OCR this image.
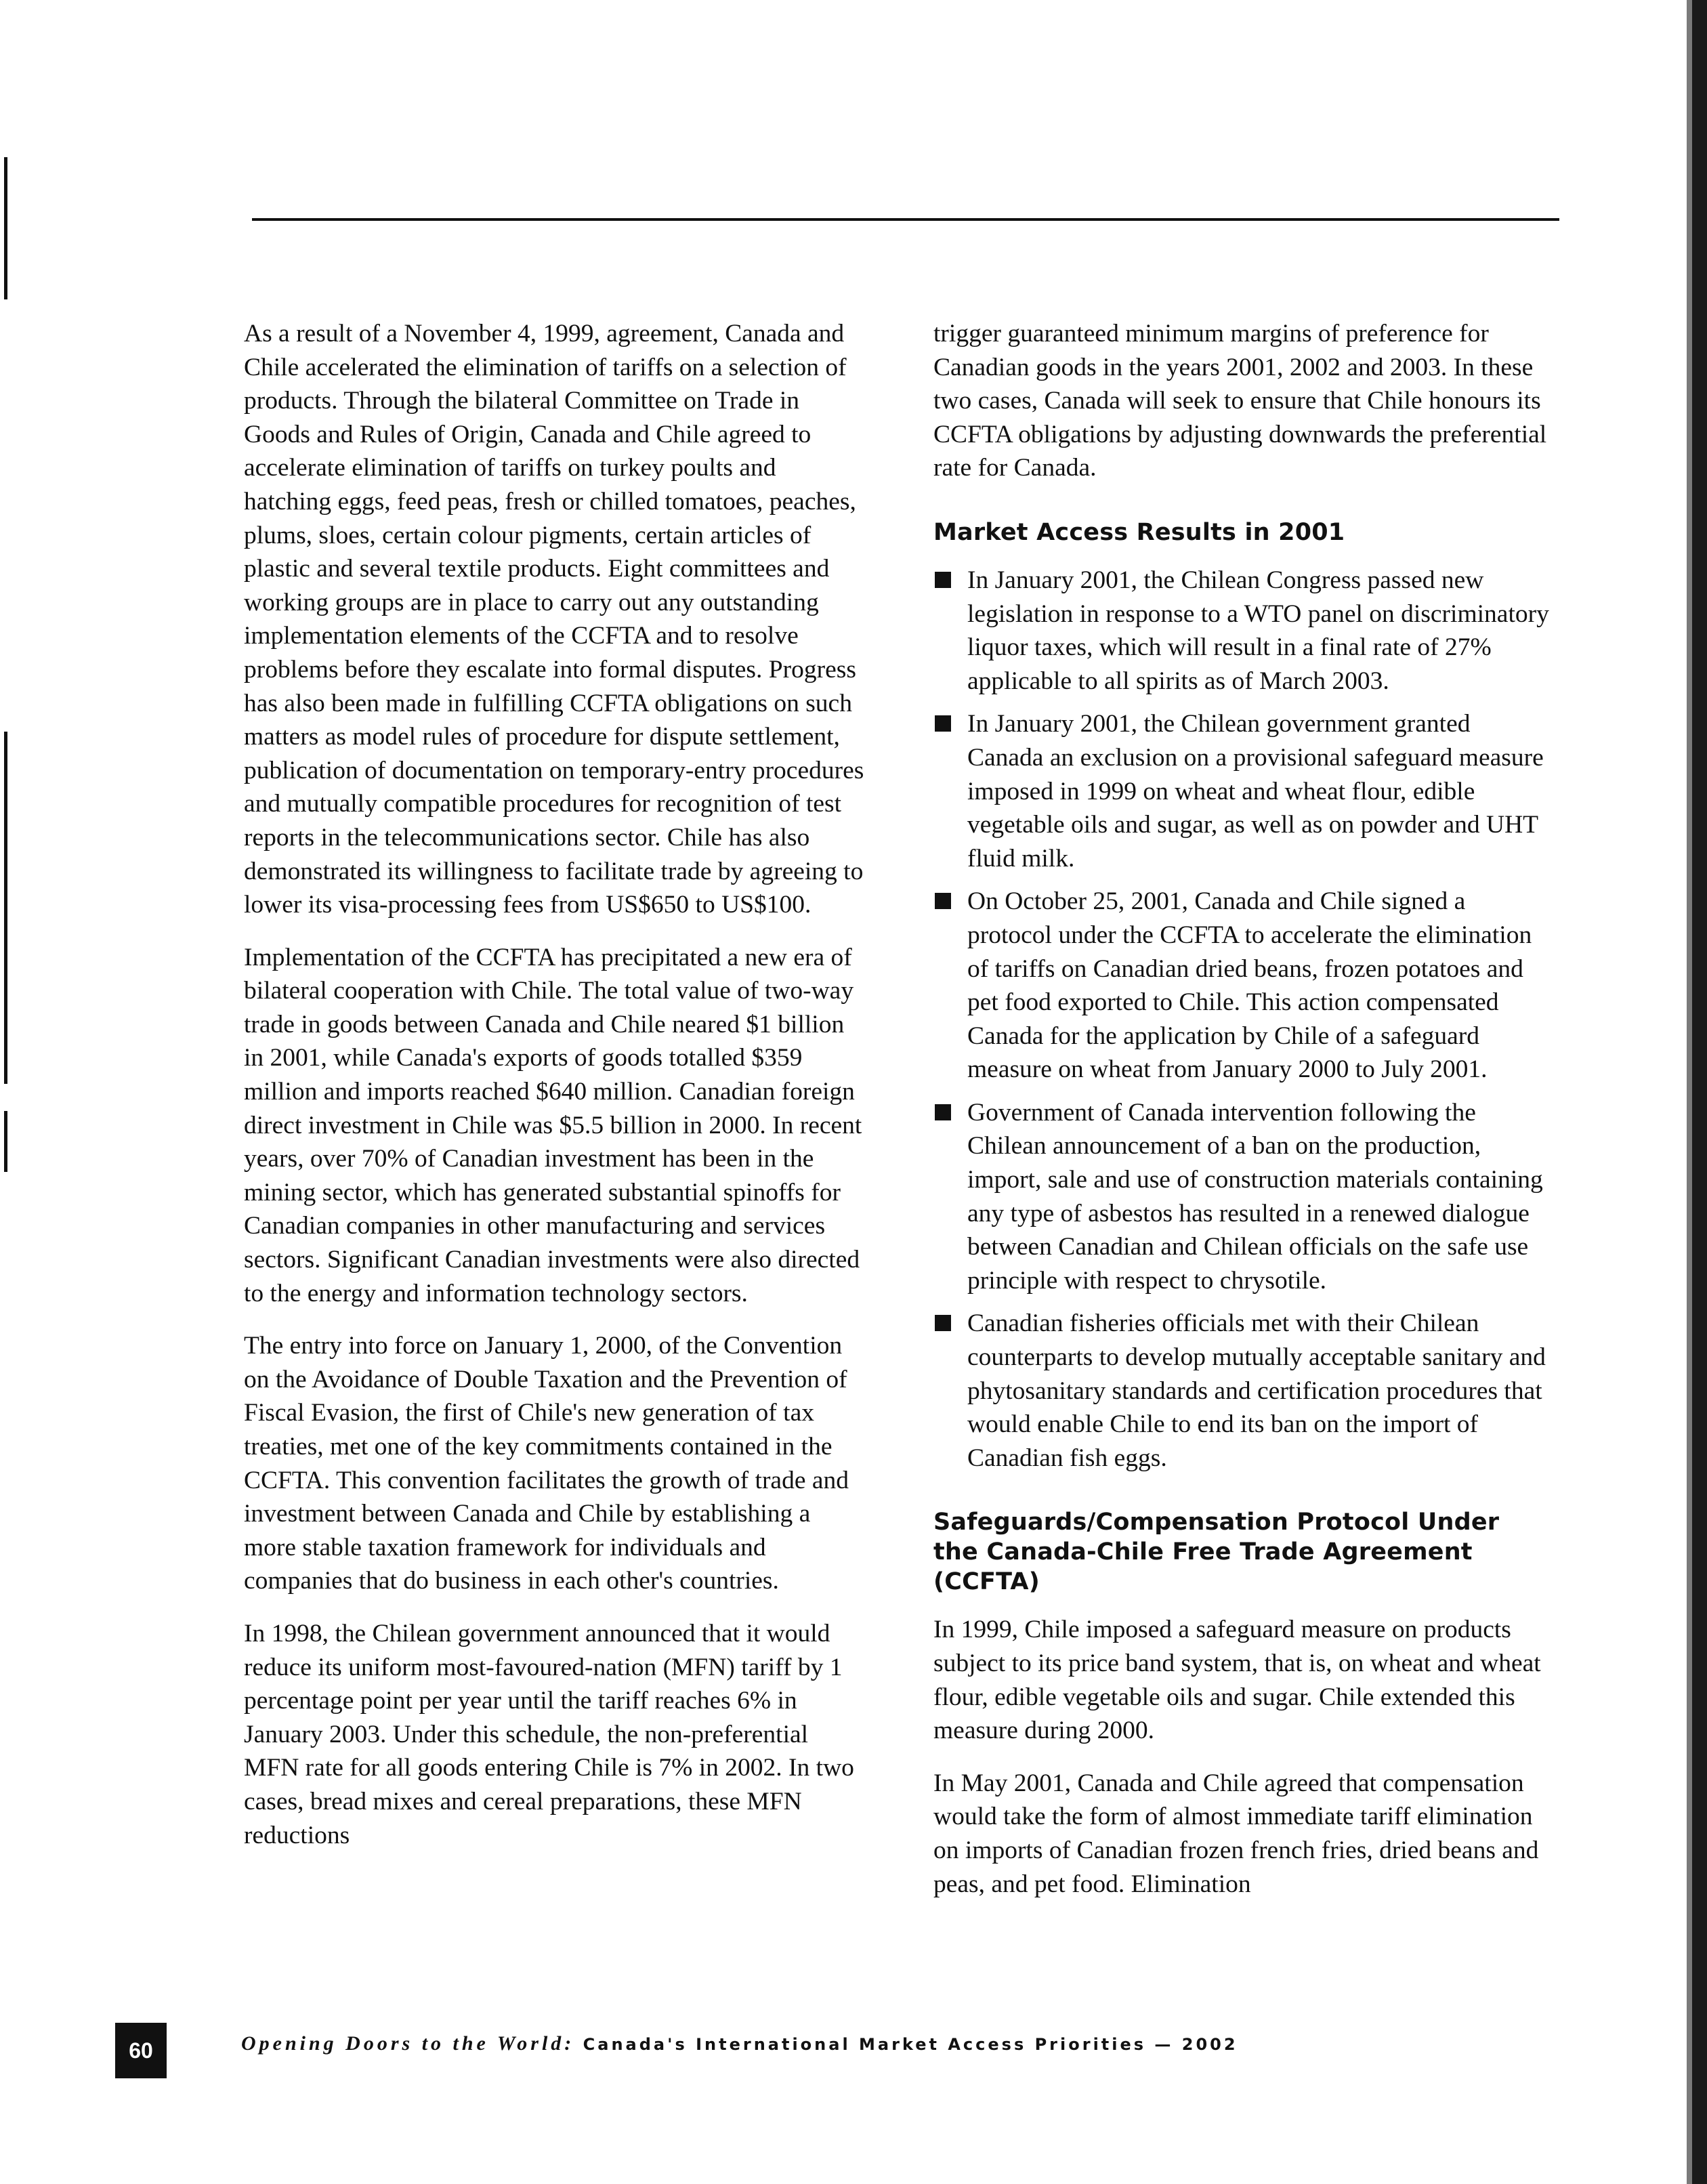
As a result of a November 4, 1999, agreement, Canada and Chile accelerated the elimination of tariffs on a selection of products. Through the bilateral Committee on Trade in Goods and Rules of Origin, Canada and Chile agreed to accelerate elimination of tariffs on turkey poults and hatching eggs, feed peas, fresh or chilled tomatoes, peaches, plums, sloes, certain colour pigments, certain articles of plastic and several textile products. Eight committees and working groups are in place to carry out any outstanding implementation elements of the CCFTA and to resolve problems before they escalate into formal disputes. Progress has also been made in fulfilling CCFTA obligations on such matters as model rules of procedure for dispute settlement, publication of documentation on temporary-entry procedures and mutually compatible procedures for recognition of test reports in the telecommunications sector. Chile has also demonstrated its willingness to facilitate trade by agreeing to lower its visa-processing fees from US$650 to US$100.

Implementation of the CCFTA has precipitated a new era of bilateral cooperation with Chile. The total value of two-way trade in goods between Canada and Chile neared $1 billion in 2001, while Canada's exports of goods totalled $359 million and imports reached $640 million. Canadian foreign direct investment in Chile was $5.5 billion in 2000. In recent years, over 70% of Canadian investment has been in the mining sector, which has generated substantial spinoffs for Canadian companies in other manufacturing and services sectors. Significant Canadian investments were also directed to the energy and information technology sectors.

The entry into force on January 1, 2000, of the Convention on the Avoidance of Double Taxation and the Prevention of Fiscal Evasion, the first of Chile's new generation of tax treaties, met one of the key commitments contained in the CCFTA. This convention facilitates the growth of trade and investment between Canada and Chile by establishing a more stable taxation framework for individuals and companies that do business in each other's countries.

In 1998, the Chilean government announced that it would reduce its uniform most-favoured-nation (MFN) tariff by 1 percentage point per year until the tariff reaches 6% in January 2003. Under this schedule, the non-preferential MFN rate for all goods entering Chile is 7% in 2002. In two cases, bread mixes and cereal preparations, these MFN reductions

trigger guaranteed minimum margins of preference for Canadian goods in the years 2001, 2002 and 2003. In these two cases, Canada will seek to ensure that Chile honours its CCFTA obligations by adjusting downwards the preferential rate for Canada.

Market Access Results in 2001
In January 2001, the Chilean Congress passed new legislation in response to a WTO panel on discriminatory liquor taxes, which will result in a final rate of 27% applicable to all spirits as of March 2003.
In January 2001, the Chilean government granted Canada an exclusion on a provisional safeguard measure imposed in 1999 on wheat and wheat flour, edible vegetable oils and sugar, as well as on powder and UHT fluid milk.
On October 25, 2001, Canada and Chile signed a protocol under the CCFTA to accelerate the elimination of tariffs on Canadian dried beans, frozen potatoes and pet food exported to Chile. This action compensated Canada for the application by Chile of a safeguard measure on wheat from January 2000 to July 2001.
Government of Canada intervention following the Chilean announcement of a ban on the production, import, sale and use of construction materials containing any type of asbestos has resulted in a renewed dialogue between Canadian and Chilean officials on the safe use principle with respect to chrysotile.
Canadian fisheries officials met with their Chilean counterparts to develop mutually acceptable sanitary and phytosanitary standards and certification procedures that would enable Chile to end its ban on the import of Canadian fish eggs.
Safeguards/Compensation Protocol Under the Canada-Chile Free Trade Agreement (CCFTA)

In 1999, Chile imposed a safeguard measure on products subject to its price band system, that is, on wheat and wheat flour, edible vegetable oils and sugar. Chile extended this measure during 2000.

In May 2001, Canada and Chile agreed that compensation would take the form of almost immediate tariff elimination on imports of Canadian frozen french fries, dried beans and peas, and pet food. Elimination

60	Opening Doors to the World: Canada's International Market Access Priorities — 2002
